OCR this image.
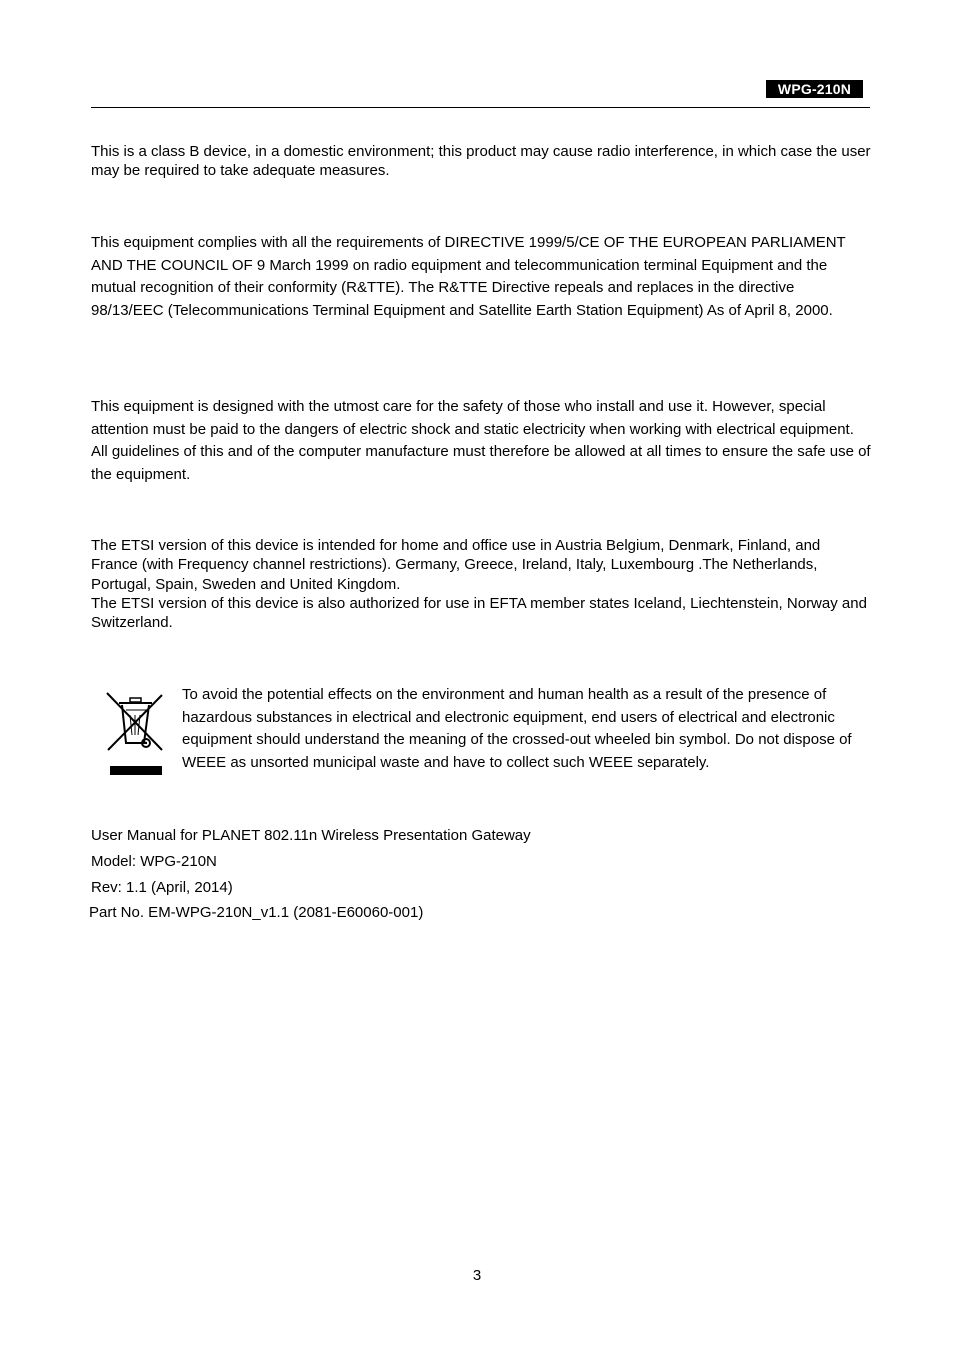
WPG-210N

This is a class B device, in a domestic environment; this product may cause radio interference, in which case the user may be required to take adequate measures.

This equipment complies with all the requirements of DIRECTIVE 1999/5/CE OF THE EUROPEAN PARLIAMENT AND THE COUNCIL OF 9 March 1999 on radio equipment and telecommunication terminal Equipment and the mutual recognition of their conformity (R&TTE). The R&TTE Directive repeals and replaces in the directive 98/13/EEC (Telecommunications Terminal Equipment and Satellite Earth Station Equipment) As of April 8, 2000.

This equipment is designed with the utmost care for the safety of those who install and use it. However, special attention must be paid to the dangers of electric shock and static electricity when working with electrical equipment. All guidelines of this and of the computer manufacture must therefore be allowed at all times to ensure the safe use of the equipment.

The ETSI version of this device is intended for home and office use in Austria Belgium, Denmark, Finland, and France (with Frequency channel restrictions). Germany, Greece, Ireland, Italy, Luxembourg .The Netherlands, Portugal, Spain, Sweden and United Kingdom.

The ETSI version of this device is also authorized for use in EFTA member states Iceland, Liechtenstein, Norway and Switzerland.

To avoid the potential effects on the environment and human health as a result of the presence of hazardous substances in electrical and electronic equipment, end users of electrical and electronic equipment should understand the meaning of the crossed-out wheeled bin symbol. Do not dispose of WEEE as unsorted municipal waste and have to collect such WEEE separately.

User Manual for PLANET 802.11n Wireless Presentation Gateway

Model: WPG-210N

Rev: 1.1 (April, 2014)

Part No. EM-WPG-210N_v1.1 (2081-E60060-001)

3
